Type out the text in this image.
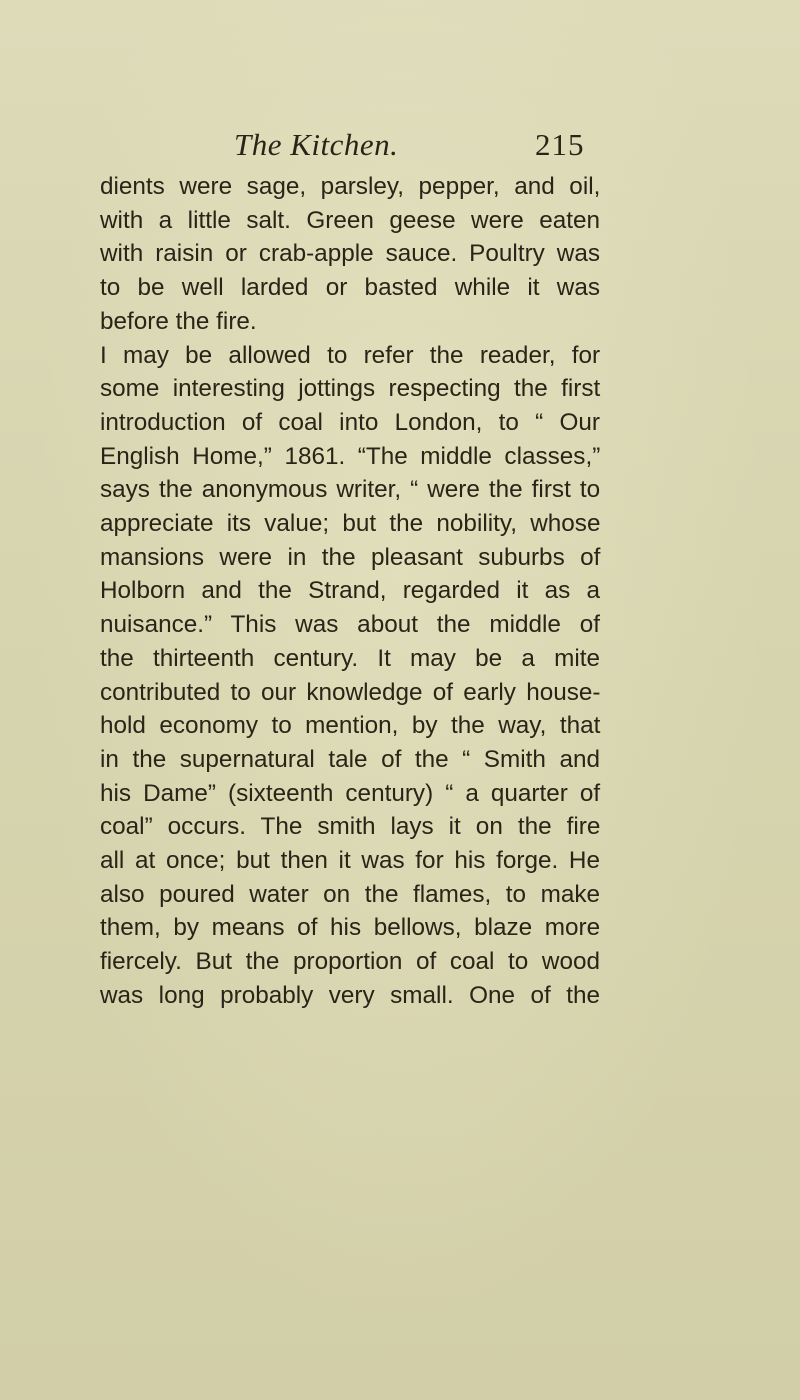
The Kitchen.	215
dients were sage, parsley, pepper, and oil,
with a little salt. Green geese were eaten
with raisin or crab-apple sauce. Poultry was
to be well larded or basted while it was
before the fire.
I may be allowed to refer the reader, for
some interesting jottings respecting the first
introduction of coal into London, to “ Our
English Home,” 1861. “The middle classes,”
says the anonymous writer, “ were the first to
appreciate its value; but the nobility, whose
mansions were in the pleasant suburbs of
Holborn and the Strand, regarded it as a
nuisance.” This was about the middle of
the thirteenth century. It may be a mite
contributed to our knowledge of early house-
hold economy to mention, by the way, that
in the supernatural tale of the “ Smith and
his Dame” (sixteenth century) “ a quarter of
coal” occurs. The smith lays it on the fire
all at once; but then it was for his forge. He
also poured water on the flames, to make
them, by means of his bellows, blaze more
fiercely. But the proportion of coal to wood
was long probably very small. One of the
